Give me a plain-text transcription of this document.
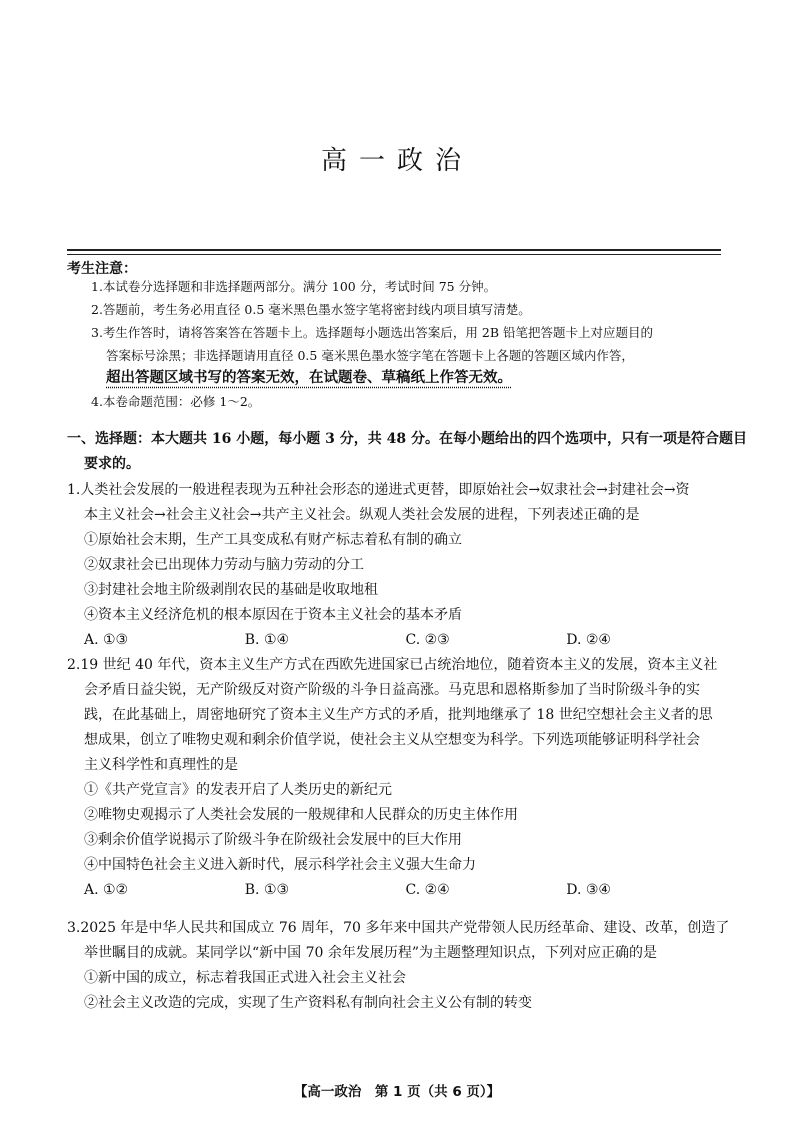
高一政治
考生注意：

1.本试卷分选择题和非选择题两部分。满分 100 分，考试时间 75 分钟。

2.答题前，考生务必用直径 0.5 毫米黑色墨水签字笔将密封线内项目填写清楚。

3.考生作答时，请将答案答在答题卡上。选择题每小题选出答案后，用 2B 铅笔把答题卡上对应题目的

答案标号涂黑；非选择题请用直径 0.5 毫米黑色墨水签字笔在答题卡上各题的答题区域内作答，

超出答题区域书写的答案无效，在试题卷、草稿纸上作答无效。

4.本卷命题范围：必修 1～2。

一、选择题：本大题共 16 小题，每小题 3 分，共 48 分。在每小题给出的四个选项中，只有一项是符合题目
要求的。
1.人类社会发展的一般进程表现为五种社会形态的递进式更替，即原始社会→奴隶社会→封建社会→资
本主义社会→社会主义社会→共产主义社会。纵观人类社会发展的进程，下列表述正确的是
①原始社会末期，生产工具变成私有财产标志着私有制的确立
②奴隶社会已出现体力劳动与脑力劳动的分工
③封建社会地主阶级剥削农民的基础是收取地租
④资本主义经济危机的根本原因在于资本主义社会的基本矛盾
A. ①③	B. ①④	C. ②③	D. ②④
2.19 世纪 40 年代，资本主义生产方式在西欧先进国家已占统治地位，随着资本主义的发展，资本主义社
会矛盾日益尖锐，无产阶级反对资产阶级的斗争日益高涨。马克思和恩格斯参加了当时阶级斗争的实
践，在此基础上，周密地研究了资本主义生产方式的矛盾，批判地继承了 18 世纪空想社会主义者的思
想成果，创立了唯物史观和剩余价值学说，使社会主义从空想变为科学。下列选项能够证明科学社会
主义科学性和真理性的是
①《共产党宣言》的发表开启了人类历史的新纪元
②唯物史观揭示了人类社会发展的一般规律和人民群众的历史主体作用
③剩余价值学说揭示了阶级斗争在阶级社会发展中的巨大作用
④中国特色社会主义进入新时代，展示科学社会主义强大生命力
A. ①②	B. ①③	C. ②④	D. ③④
3.2025 年是中华人民共和国成立 76 周年，70 多年来中国共产党带领人民历经革命、建设、改革，创造了
举世瞩目的成就。某同学以“新中国 70 余年发展历程”为主题整理知识点，下列对应正确的是
①新中国的成立，标志着我国正式进入社会主义社会
②社会主义改造的完成，实现了生产资料私有制向社会主义公有制的转变
【高一政治　第 1 页（共 6 页）】
